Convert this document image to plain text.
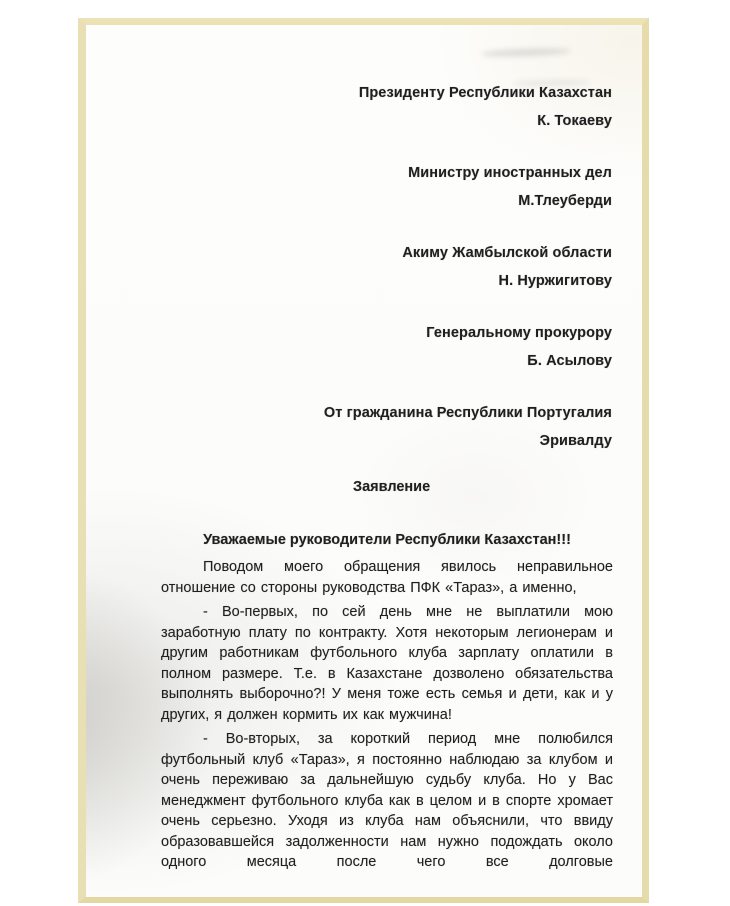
Президенту Республики Казахстан
К. Токаеву
Министру иностранных дел
М.Тлеуберди
Акиму Жамбылской области
Н. Нуржигитову
Генеральному прокурору
Б. Асылову
От гражданина Республики Португалия
Эривалду
Заявление
Уважаемые руководители Республики Казахстан!!!

Поводом моего обращения явилось неправильное отношение со стороны руководства ПФК «Тараз», а именно,

- Во-первых, по сей день мне не выплатили мою заработную плату по контракту. Хотя некоторым легионерам и другим работникам футбольного клуба зарплату оплатили в полном размере. Т.е. в Казахстане дозволено обязательства выполнять выборочно?! У меня тоже есть семья и дети, как и у других, я должен кормить их как мужчина!

- Во-вторых, за короткий период мне полюбился футбольный клуб «Тараз», я постоянно наблюдаю за клубом и очень переживаю за дальнейшую судьбу клуба. Но у Вас менеджмент футбольного клуба как в целом и в спорте хромает очень серьезно. Уходя из клуба нам объяснили, что ввиду образовавшейся задолженности нам нужно подождать около одного месяца после чего все долговые
